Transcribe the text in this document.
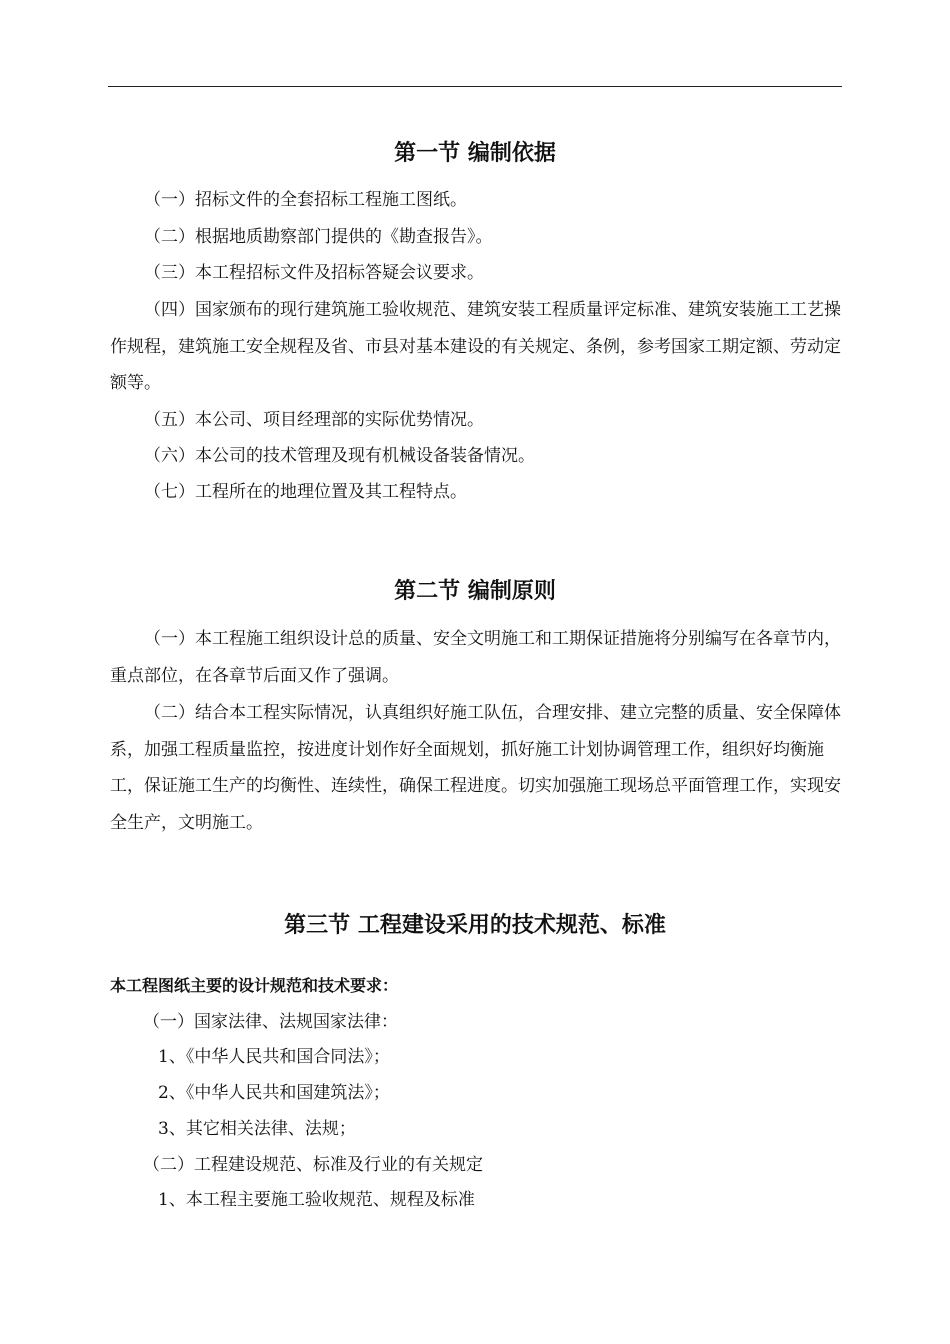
第一节 编制依据

（一）招标文件的全套招标工程施工图纸。

（二）根据地质勘察部门提供的《勘查报告》。

（三）本工程招标文件及招标答疑会议要求。

（四）国家颁布的现行建筑施工验收规范、建筑安装工程质量评定标准、建筑安装施工工艺操作规程，建筑施工安全规程及省、市县对基本建设的有关规定、条例，参考国家工期定额、劳动定额等。

（五）本公司、项目经理部的实际优势情况。

（六）本公司的技术管理及现有机械设备装备情况。

（七）工程所在的地理位置及其工程特点。

第二节 编制原则

（一）本工程施工组织设计总的质量、安全文明施工和工期保证措施将分别编写在各章节内，重点部位，在各章节后面又作了强调。

（二）结合本工程实际情况，认真组织好施工队伍，合理安排、建立完整的质量、安全保障体系，加强工程质量监控，按进度计划作好全面规划，抓好施工计划协调管理工作，组织好均衡施工，保证施工生产的均衡性、连续性，确保工程进度。切实加强施工现场总平面管理工作，实现安全生产，文明施工。

第三节 工程建设采用的技术规范、标准
本工程图纸主要的设计规范和技术要求：
（一）国家法律、法规国家法律：
1、《中华人民共和国合同法》；
2、《中华人民共和国建筑法》；
3、其它相关法律、法规；
（二）工程建设规范、标准及行业的有关规定
1、本工程主要施工验收规范、规程及标准
